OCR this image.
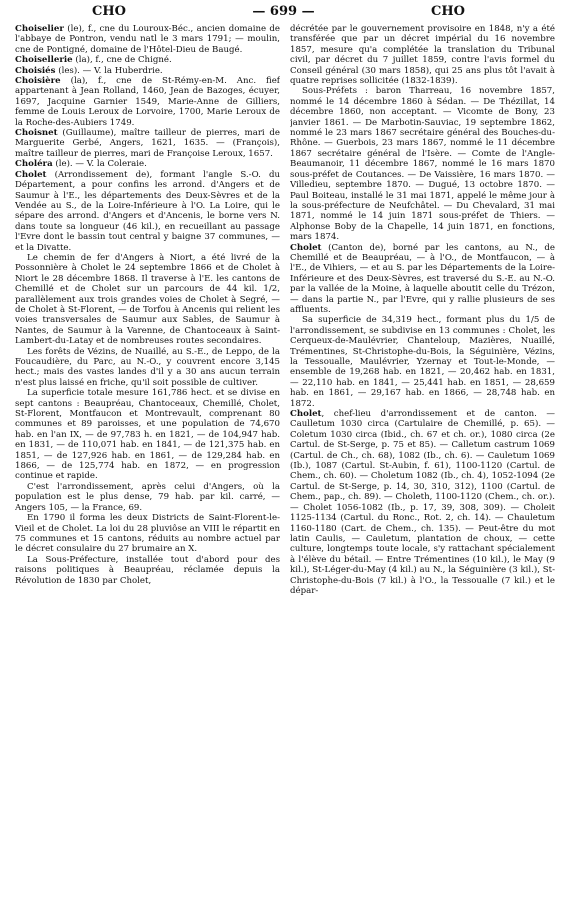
CHO	— 699 —	CHO

Choiselier (le), f., cne du Louroux-Béc., ancien domaine de l'abbaye de Pontron, vendu natl le 3 mars 1791; — moulin, cne de Pontigné, domaine de l'Hôtel-Dieu de Baugé.

Choisellerie (la), f., cne de Chigné.

Choisiés (les). — V. la Huberdrie.

Choisière (la), f., cne de St-Rémy-en-M. Anc. fief appartenant à Jean Rolland, 1460, Jean de Bazoges, écuyer, 1697, Jacquine Garnier 1549, Marie-Anne de Gilliers, femme de Louis Leroux de Lorvoire, 1700, Marie Leroux de la Roche-des-Aubiers 1749.

Choisnet (Guillaume), maître tailleur de pierres, mari de Marguerite Gerbé, Angers, 1621, 1635. — (François), maître tailleur de pierres, mari de Françoise Leroux, 1657.

Choléra (le). — V. la Coleraie.

Cholet (Arrondissement de), formant l'angle S.-O. du Département, a pour confins les arrond. d'Angers et de Saumur à l'E., les départements des Deux-Sèvres et de la Vendée au S., de la Loire-Inférieure à l'O. La Loire, qui le sépare des arrond. d'Angers et d'Ancenis, le borne vers N. dans toute sa longueur (46 kil.), en recueillant au passage l'Evre dont le bassin tout central y baigne 37 communes, — et la Divatte.

Le chemin de fer d'Angers à Niort, a été livré de la Possonnière à Cholet le 24 septembre 1866 et de Cholet à Niort le 28 décembre 1868. Il traverse à l'E. les cantons de Chemillé et de Cholet sur un parcours de 44 kil. 1/2, parallèlement aux trois grandes voies de Cholet à Segré, — de Cholet à St-Florent, — de Torfou à Ancenis qui relient les voies transversales de Saumur aux Sables, de Saumur à Nantes, de Saumur à la Varenne, de Chantoceaux à Saint-Lambert-du-Latay et de nombreuses routes secondaires.

Les forêts de Vézins, de Nuaillé, au S.-E., de Leppo, de la Foucaudière, du Parc, au N.-O., y couvrent encore 3,145 hect.; mais des vastes landes d'il y a 30 ans aucun terrain n'est plus laissé en friche, qu'il soit possible de cultiver.

La superficie totale mesure 161,786 hect. et se divise en sept cantons : Beaupréau, Chantoceaux, Chemillé, Cholet, St-Florent, Montfaucon et Montrevault, comprenant 80 communes et 89 paroisses, et une population de 74,670 hab. en l'an IX, — de 97,783 h. en 1821, — de 104,947 hab. en 1831, — de 110,071 hab. en 1841, — de 121,375 hab. en 1851, — de 127,926 hab. en 1861, — de 129,284 hab. en 1866, — de 125,774 hab. en 1872, — en progression continue et rapide.

C'est l'arrondissement, après celui d'Angers, où la population est le plus dense, 79 hab. par kil. carré, — Angers 105, — la France, 69.

En 1790 il forma les deux Districts de Saint-Florent-le-Vieil et de Cholet. La loi du 28 pluviôse an VIII le répartit en 75 communes et 15 cantons, réduits au nombre actuel par le décret consulaire du 27 brumaire an X.

La Sous-Préfecture, installée tout d'abord pour des raisons politiques à Beaupréau, réclamée depuis la Révolution de 1830 par Cholet,

décrétée par le gouvernement provisoire en 1848, n'y a été transférée que par un décret impérial du 16 novembre 1857, mesure qu'a complétée la translation du Tribunal civil, par décret du 7 juillet 1859, contre l'avis formel du Conseil général (30 mars 1858), qui 25 ans plus tôt l'avait à quatre reprises sollicitée (1832-1839).

Sous-Préfets : baron Tharreau, 16 novembre 1857, nommé le 14 décembre 1860 à Sédan. — De Thézillat, 14 décembre 1860, non acceptant. — Vicomte de Bony, 23 janvier 1861. — De Marbotin-Sauviac, 19 septembre 1862, nommé le 23 mars 1867 secrétaire général des Bouches-du-Rhône. — Guerbois, 23 mars 1867, nommé le 11 décembre 1867 secrétaire général de l'Isère. — Comte de l'Angle-Beaumanoir, 11 décembre 1867, nommé le 16 mars 1870 sous-préfet de Coutances. — De Vaissière, 16 mars 1870. — Villedieu, septembre 1870. — Dugué, 13 octobre 1870. — Paul Boiteau, installé le 31 mai 1871, appelé le même jour à la sous-préfecture de Neufchâtel. — Du Chevalard, 31 mai 1871, nommé le 14 juin 1871 sous-préfet de Thiers. — Alphonse Boby de la Chapelle, 14 juin 1871, en fonctions, mars 1874.

Cholet (Canton de), borné par les cantons, au N., de Chemillé et de Beaupréau, — à l'O., de Montfaucon, — à l'E., de Vihiers, — et au S. par les Départements de la Loire-Inférieure et des Deux-Sèvres, est traversé du S.-E. au N.-O. par la vallée de la Moine, à laquelle aboutit celle du Trézon, — dans la partie N., par l'Evre, qui y rallie plusieurs de ses affluents.

Sa superficie de 34,319 hect., formant plus du 1/5 de l'arrondissement, se subdivise en 13 communes : Cholet, les Cerqueux-de-Maulévrier, Chanteloup, Mazières, Nuaillé, Trémentines, St-Christophe-du-Bois, la Séguinière, Vézins, la Tessoualle, Maulévrier, Yzernay et Tout-le-Monde, — ensemble de 19,268 hab. en 1821, — 20,462 hab. en 1831, — 22,110 hab. en 1841, — 25,441 hab. en 1851, — 28,659 hab. en 1861, — 29,167 hab. en 1866, — 28,748 hab. en 1872.

Cholet, chef-lieu d'arrondissement et de canton. — Caulletum 1030 circa (Cartulaire de Chemillé, p. 65). — Coletum 1030 circa (Ibid., ch. 67 et ch. or.), 1080 circa (2e Cartul. de St-Serge, p. 75 et 85). — Calletum castrum 1069 (Cartul. de Ch., ch. 68), 1082 (Ib., ch. 6). — Cauletum 1069 (Ib.), 1087 (Cartul. St-Aubin, f. 61), 1100-1120 (Cartul. de Chem., ch. 60). — Choletum 1082 (Ib., ch. 4), 1052-1094 (2e Cartul. de St-Serge, p. 14, 30, 310, 312), 1100 (Cartul. de Chem., pap., ch. 89). — Choleth, 1100-1120 (Chem., ch. or.). — Cholet 1056-1082 (Ib., p. 17, 39, 308, 309). — Choleit 1125-1134 (Cartul. du Ronc., Rot. 2, ch. 14). — Chauletum 1160-1180 (Cart. de Chem., ch. 135). — Peut-être du mot latin Caulis, — Cauletum, plantation de choux, — cette culture, longtemps toute locale, s'y rattachant spécialement à l'élève du bétail. — Entre Trémentines (10 kil.), le May (9 kil.), St-Léger-du-May (4 kil.) au N., la Séguinière (3 kil.), St-Christophe-du-Bois (7 kil.) à l'O., la Tessoualle (7 kil.) et le dépar-
